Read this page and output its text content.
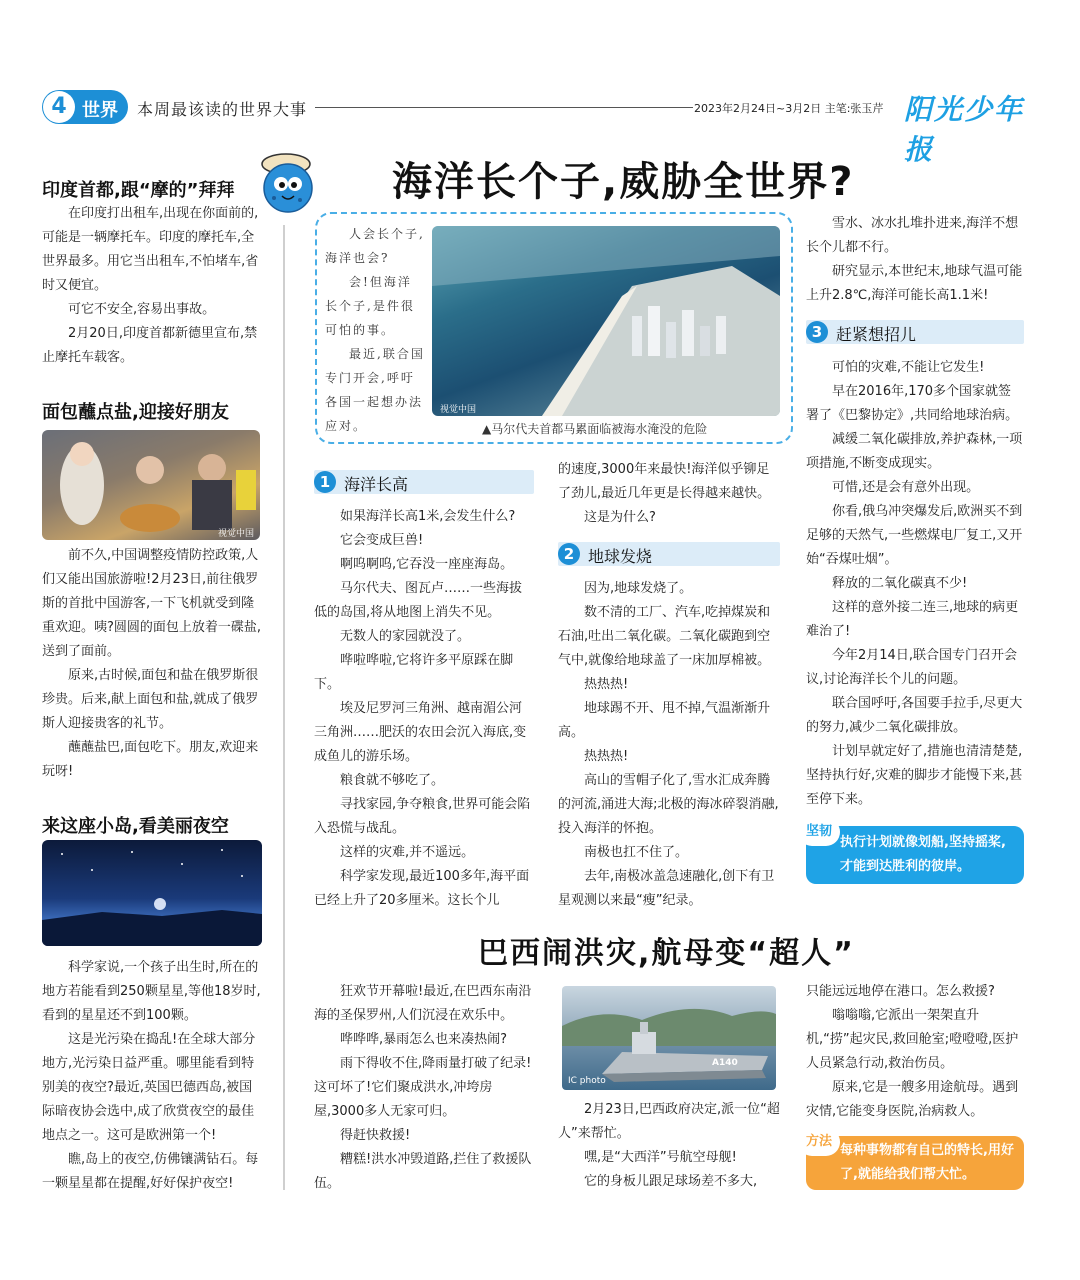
4 世界 本周最该读的世界大事	2023年2月24日~3月2日 主笔:张玉芹 阳光少年报
印度首都,跟“摩的”拜拜

在印度打出租车,出现在你面前的,可能是一辆摩托车。印度的摩托车,全世界最多。用它当出租车,不怕堵车,省时又便宜。

可它不安全,容易出事故。

2月20日,印度首都新德里宣布,禁止摩托车载客。

面包蘸点盐,迎接好朋友
视觉中国

前不久,中国调整疫情防控政策,人们又能出国旅游啦!2月23日,前往俄罗斯的首批中国游客,一下飞机就受到隆重欢迎。咦?圆圆的面包上放着一碟盐,送到了面前。

原来,古时候,面包和盐在俄罗斯很珍贵。后来,献上面包和盐,就成了俄罗斯人迎接贵客的礼节。

蘸蘸盐巴,面包吃下。朋友,欢迎来玩呀!

来这座小岛,看美丽夜空

科学家说,一个孩子出生时,所在的地方若能看到250颗星星,等他18岁时,看到的星星还不到100颗。

这是光污染在捣乱!在全球大部分地方,光污染日益严重。哪里能看到特别美的夜空?最近,英国巴德西岛,被国际暗夜协会选中,成了欣赏夜空的最佳地点之一。这可是欧洲第一个!

瞧,岛上的夜空,仿佛镶满钻石。每一颗星星都在提醒,好好保护夜空!

海洋长个子,威胁全世界?

人会长个子,海洋也会?

会!但海洋长个子,是件很可怕的事。

最近,联合国专门开会,呼吁各国一起想办法应对。

视觉中国
▲马尔代夫首都马累面临被海水淹没的危险
1 海洋长高

如果海洋长高1米,会发生什么?

它会变成巨兽!

啊呜啊呜,它吞没一座座海岛。

马尔代夫、图瓦卢……一些海拔低的岛国,将从地图上消失不见。

无数人的家园就没了。

哗啦哗啦,它将许多平原踩在脚下。

埃及尼罗河三角洲、越南湄公河三角洲……肥沃的农田会沉入海底,变成鱼儿的游乐场。

粮食就不够吃了。

寻找家园,争夺粮食,世界可能会陷入恐慌与战乱。

这样的灾难,并不遥远。

科学家发现,最近100多年,海平面已经上升了20多厘米。这长个儿

的速度,3000年来最快!海洋似乎铆足了劲儿,最近几年更是长得越来越快。

这是为什么?

2 地球发烧

因为,地球发烧了。

数不清的工厂、汽车,吃掉煤炭和石油,吐出二氧化碳。二氧化碳跑到空气中,就像给地球盖了一床加厚棉被。

热热热!

地球踢不开、甩不掉,气温渐渐升高。

热热热!

高山的雪帽子化了,雪水汇成奔腾的河流,涌进大海;北极的海冰碎裂消融,投入海洋的怀抱。

南极也扛不住了。

去年,南极冰盖急速融化,创下有卫星观测以来最“瘦”纪录。

雪水、冰水扎堆扑进来,海洋不想长个儿都不行。

研究显示,本世纪末,地球气温可能上升2.8℃,海洋可能长高1.1米!

3 赶紧想招儿

可怕的灾难,不能让它发生!

早在2016年,170多个国家就签署了《巴黎协定》,共同给地球治病。

减缓二氧化碳排放,养护森林,一项项措施,不断变成现实。

可惜,还是会有意外出现。

你看,俄乌冲突爆发后,欧洲买不到足够的天然气,一些燃煤电厂复工,又开始“吞煤吐烟”。

释放的二氧化碳真不少!

这样的意外接二连三,地球的病更难治了!

今年2月14日,联合国专门召开会议,讨论海洋长个儿的问题。

联合国呼吁,各国要手拉手,尽更大的努力,减少二氧化碳排放。

计划早就定好了,措施也清清楚楚,坚持执行好,灾难的脚步才能慢下来,甚至停下来。

坚韧
执行计划就像划船,坚持摇桨,才能到达胜利的彼岸。
巴西闹洪灾,航母变“超人”

狂欢节开幕啦!最近,在巴西东南沿海的圣保罗州,人们沉浸在欢乐中。

哗哗哗,暴雨怎么也来凑热闹?

雨下得收不住,降雨量打破了纪录!这可坏了!它们聚成洪水,冲垮房屋,3000多人无家可归。

得赶快救援!

糟糕!洪水冲毁道路,拦住了救援队伍。

A140
IC photo

2月23日,巴西政府决定,派一位“超人”来帮忙。

嘿,是“大西洋”号航空母舰!

它的身板儿跟足球场差不多大,

只能远远地停在港口。怎么救援?

嗡嗡嗡,它派出一架架直升机,“捞”起灾民,救回舱室;噔噔噔,医护人员紧急行动,救治伤员。

原来,它是一艘多用途航母。遇到灾情,它能变身医院,治病救人。

方法
每种事物都有自己的特长,用好了,就能给我们帮大忙。
